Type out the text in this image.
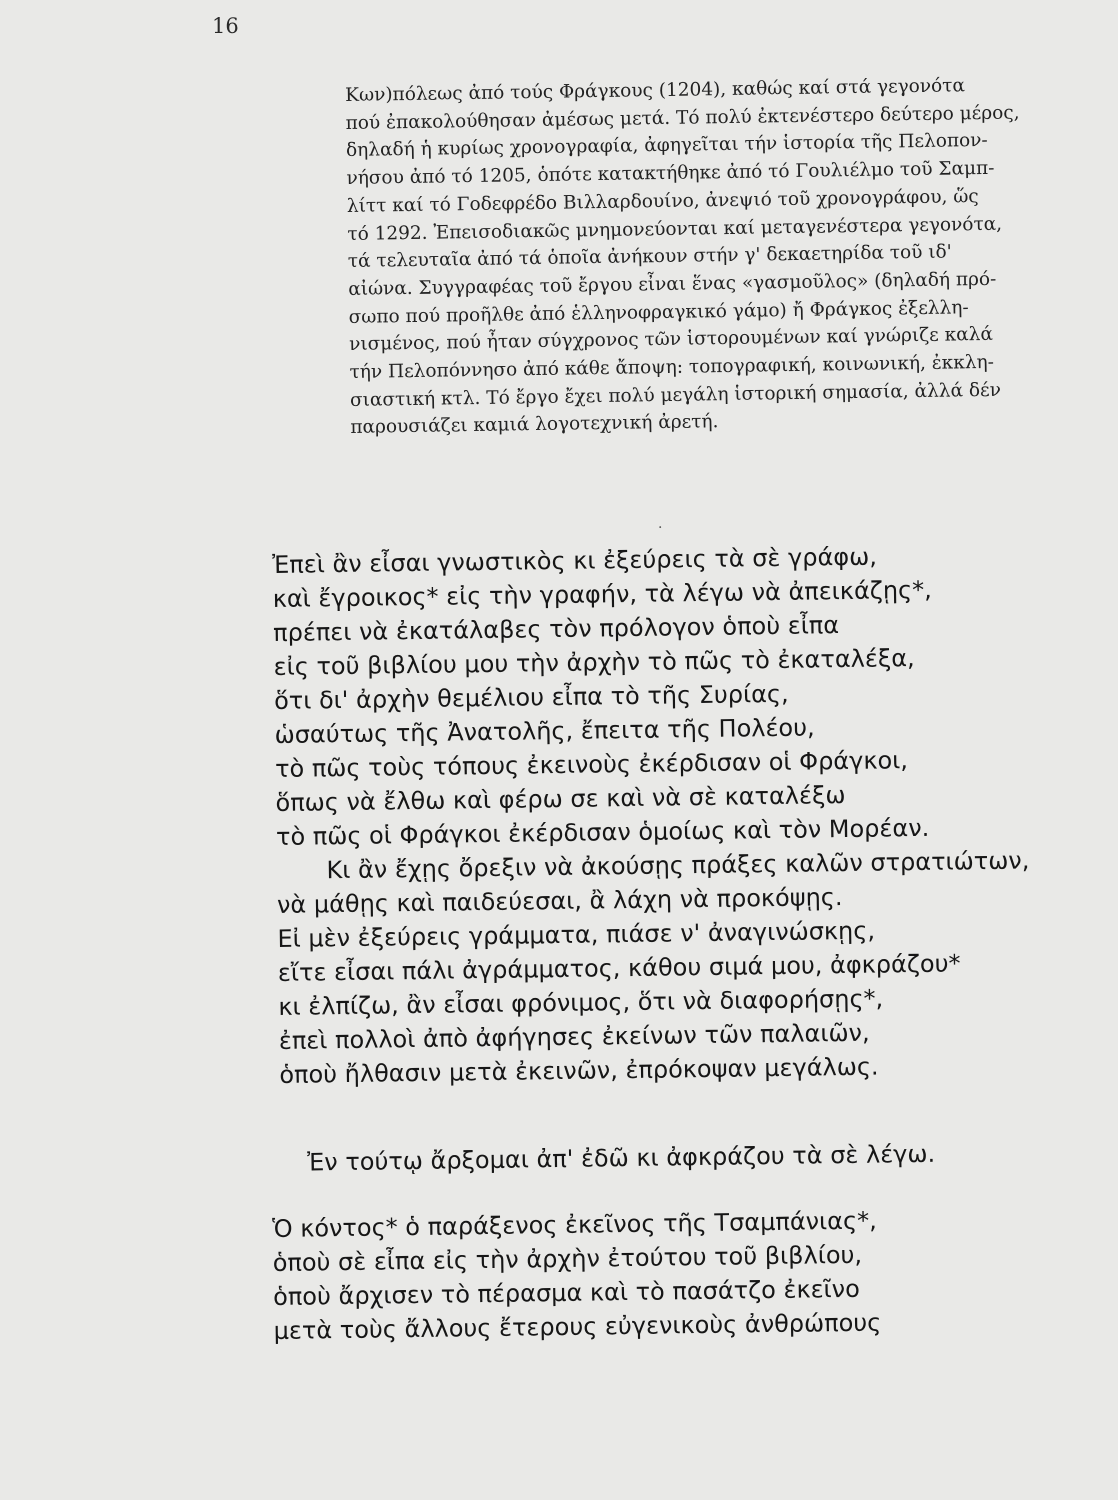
16
Κων)πόλεως ἀπό τούς Φράγκους (1204), καθώς καί στά γεγονότα
πού ἐπακολούθησαν ἀμέσως μετά. Τό πολύ ἐκτενέστερο δεύτερο μέρος,
δηλαδή ἡ κυρίως χρονογραφία, ἀφηγεῖται τήν ἱστορία τῆς Πελοπον-
νήσου ἀπό τό 1205, ὁπότε κατακτήθηκε ἀπό τό Γουλιέλμο τοῦ Σαμπ-
λίττ καί τό Γοδεφρέδο Βιλλαρδουίνο, ἀνεψιό τοῦ χρονογράφου, ὥς
τό 1292. Ἐπεισοδιακῶς μνημονεύονται καί μεταγενέστερα γεγονότα,
τά τελευταῖα ἀπό τά ὁποῖα ἀνήκουν στήν γ' δεκαετηρίδα τοῦ ιδ'
αἰώνα. Συγγραφέας τοῦ ἔργου εἶναι ἕνας «γασμοῦλος» (δηλαδή πρό-
σωπο πού προῆλθε ἀπό ἑλληνοφραγκικό γάμο) ἤ Φράγκος ἐξελλη-
νισμένος, πού ἦταν σύγχρονος τῶν ἱστορουμένων καί γνώριζε καλά
τήν Πελοπόννησο ἀπό κάθε ἄποψη: τοπογραφική, κοινωνική, ἐκκλη-
σιαστική κτλ. Τό ἔργο ἔχει πολύ μεγάλη ἱστορική σημασία, ἀλλά δέν
παρουσιάζει καμιά λογοτεχνική ἀρετή.
·
Ἐπεὶ ἂν εἶσαι γνωστικὸς κι ἐξεύρεις τὰ σὲ γράφω,
καὶ ἔγροικος* εἰς τὴν γραφήν, τὰ λέγω νὰ ἀπεικάζῃς*,
πρέπει νὰ ἐκατάλαβες τὸν πρόλογον ὁποὺ εἶπα
εἰς τοῦ βιβλίου μου τὴν ἀρχὴν τὸ πῶς τὸ ἐκαταλέξα,
ὅτι δι' ἀρχὴν θεμέλιου εἶπα τὸ τῆς Συρίας,
ὡσαύτως τῆς Ἀνατολῆς, ἔπειτα τῆς Πολέου,
τὸ πῶς τοὺς τόπους ἐκεινοὺς ἐκέρδισαν οἱ Φράγκοι,
ὅπως νὰ ἔλθω καὶ φέρω σε καὶ νὰ σὲ καταλέξω
τὸ πῶς οἱ Φράγκοι ἐκέρδισαν ὁμοίως καὶ τὸν Μορέαν.
Κι ἂν ἔχῃς ὄρεξιν νὰ ἀκούσῃς πράξες καλῶν στρατιώτων,
νὰ μάθῃς καὶ παιδεύεσαι, ἂ λάχη νὰ προκόψῃς.
Εἰ μὲν ἐξεύρεις γράμματα, πιάσε ν' ἀναγινώσκῃς,
εἴτε εἶσαι πάλι ἀγράμματος, κάθου σιμά μου, ἀφκράζου*
κι ἐλπίζω, ἂν εἶσαι φρόνιμος, ὅτι νὰ διαφορήσῃς*,
ἐπεὶ πολλοὶ ἀπὸ ἀφήγησες ἐκείνων τῶν παλαιῶν,
ὁποὺ ἤλθασιν μετὰ ἐκεινῶν, ἐπρόκοψαν μεγάλως.
Ἐν τούτῳ ἄρξομαι ἀπ' ἐδῶ κι ἀφκράζου τὰ σὲ λέγω.
Ὁ κόντος* ὁ παράξενος ἐκεῖνος τῆς Τσαμπάνιας*,
ὁποὺ σὲ εἶπα εἰς τὴν ἀρχὴν ἐτούτου τοῦ βιβλίου,
ὁποὺ ἄρχισεν τὸ πέρασμα καὶ τὸ πασάτζο ἐκεῖνο
μετὰ τοὺς ἄλλους ἔτερους εὐγενικοὺς ἀνθρώπους
